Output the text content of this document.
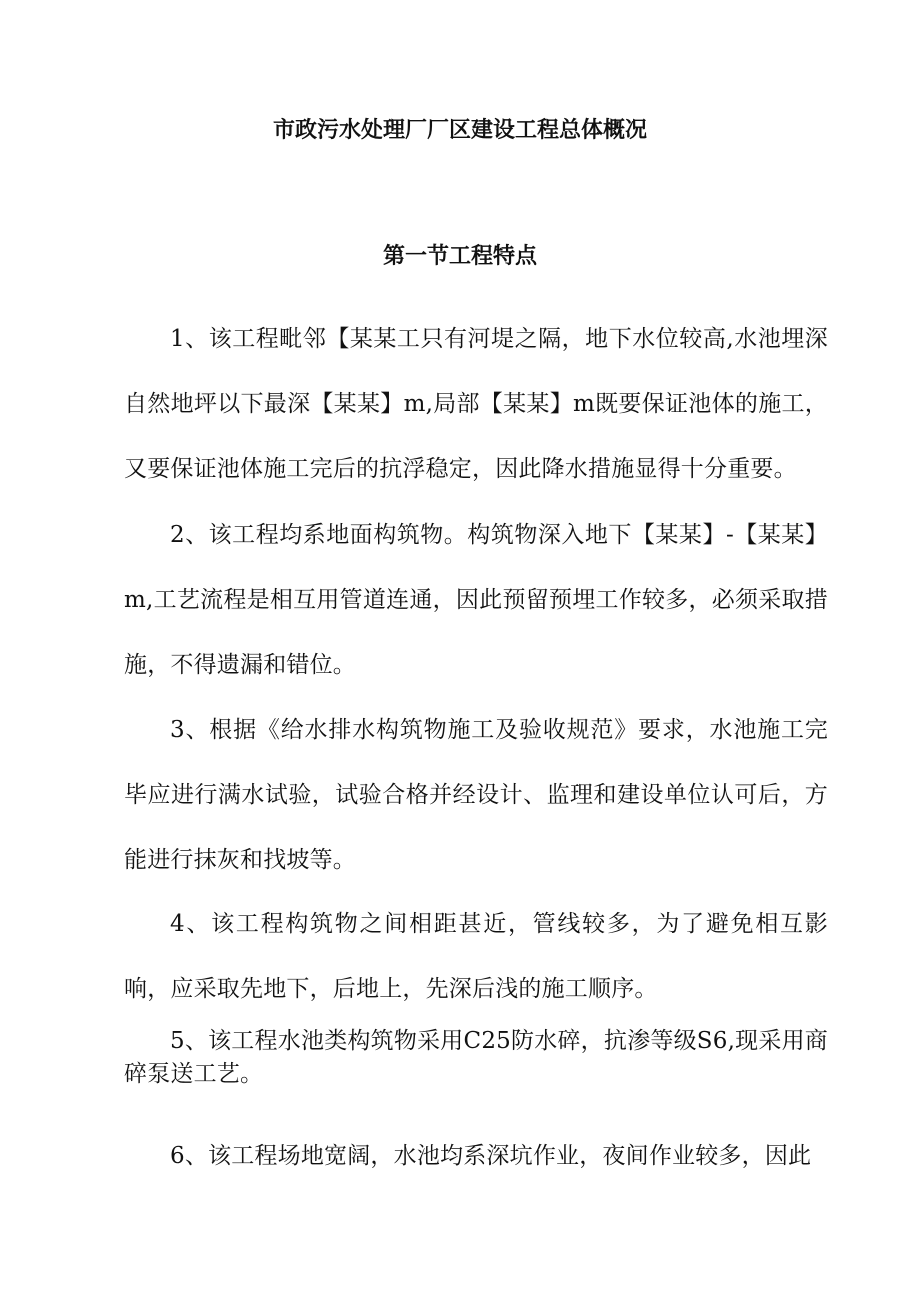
市政污水处理厂厂区建设工程总体概况
第一节工程特点

1、该工程毗邻【某某工只有河堤之隔，地下水位较高,水池埋深自然地坪以下最深【某某】m,局部【某某】m既要保证池体的施工，又要保证池体施工完后的抗浮稳定，因此降水措施显得十分重要。

2、该工程均系地面构筑物。构筑物深入地下【某某】-【某某】m,工艺流程是相互用管道连通，因此预留预埋工作较多，必须采取措施，不得遗漏和错位。

3、根据《给水排水构筑物施工及验收规范》要求，水池施工完毕应进行满水试验，试验合格并经设计、监理和建设单位认可后，方能进行抹灰和找坡等。

4、该工程构筑物之间相距甚近，管线较多，为了避免相互影响，应采取先地下，后地上，先深后浅的施工顺序。

5、该工程水池类构筑物采用C25防水碎，抗渗等级S6,现采用商碎泵送工艺。

6、该工程场地宽阔，水池均系深坑作业，夜间作业较多，因此
